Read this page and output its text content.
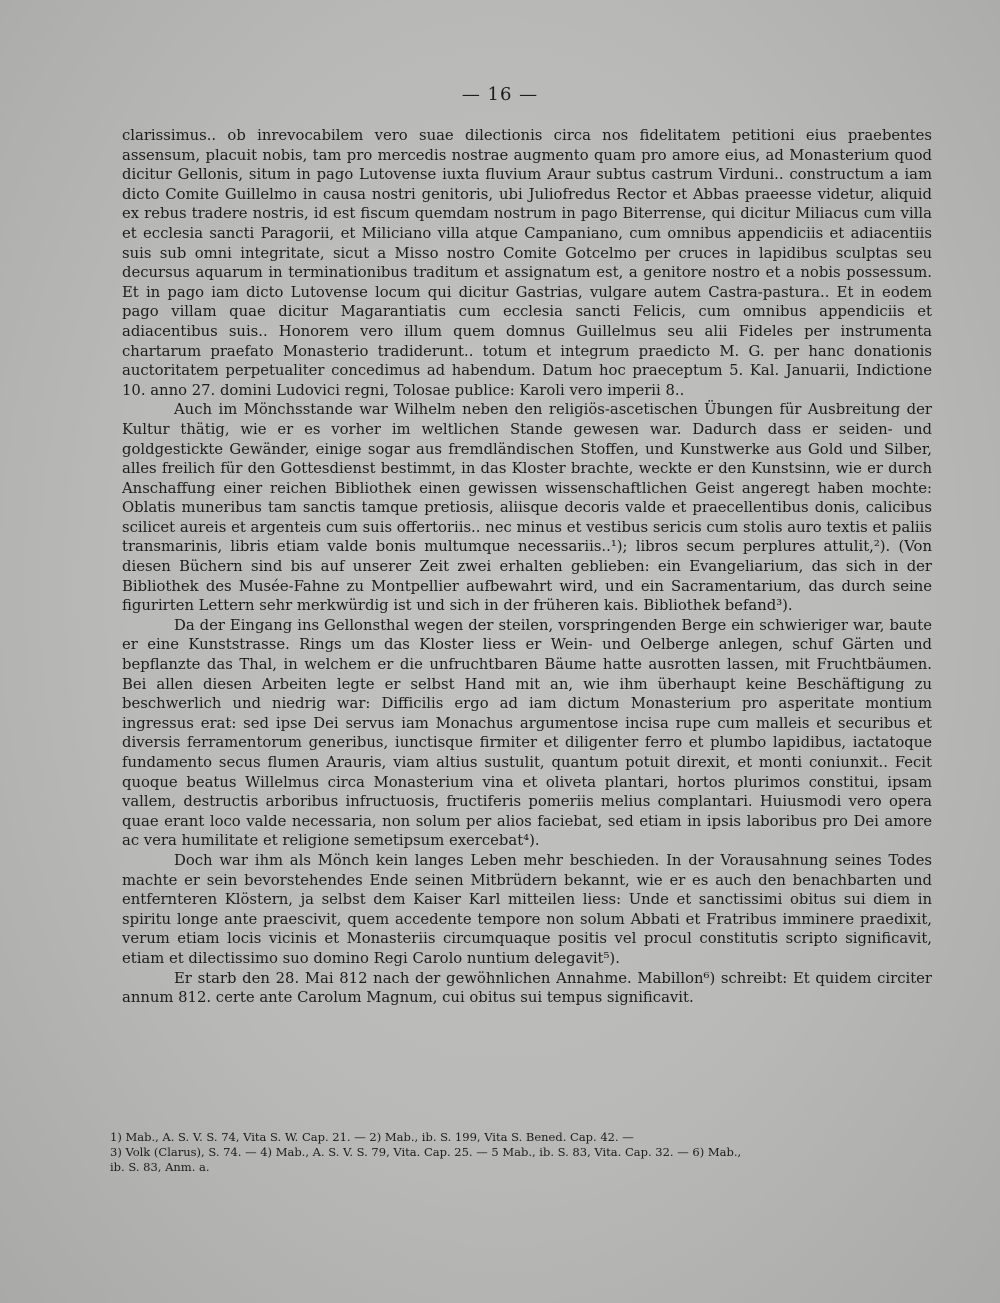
— 16 —

clarissimus.. ob inrevocabilem vero suae dilectionis circa nos fidelitatem petitioni eius praebentes assensum, placuit nobis, tam pro mercedis nostrae augmento quam pro amore eius, ad Monasterium quod dicitur Gellonis, situm in pago Lutovense iuxta fluvium Araur subtus castrum Virduni.. constructum a iam dicto Comite Guillelmo in causa nostri genitoris, ubi Juliofredus Rector et Abbas praeesse videtur, aliquid ex rebus tradere nostris, id est fiscum quemdam nostrum in pago Biterrense, qui dicitur Miliacus cum villa et ecclesia sancti Paragorii, et Miliciano villa atque Campaniano, cum omnibus appendiciis et adiacentiis suis sub omni integritate, sicut a Misso nostro Comite Gotcelmo per cruces in lapidibus sculptas seu decursus aquarum in terminationibus traditum et assignatum est, a genitore nostro et a nobis possessum. Et in pago iam dicto Lutovense locum qui dicitur Gastrias, vulgare autem Castra-pastura.. Et in eodem pago villam quae dicitur Magarantiatis cum ecclesia sancti Felicis, cum omnibus appendiciis et adiacentibus suis.. Honorem vero illum quem domnus Guillelmus seu alii Fideles per instrumenta chartarum praefato Monasterio tradiderunt.. totum et integrum praedicto M. G. per hanc donationis auctoritatem perpetualiter concedimus ad habendum. Datum hoc praeceptum 5. Kal. Januarii, Indictione 10. anno 27. domini Ludovici regni, Tolosae publice: Karoli vero imperii 8..

Auch im Mönchsstande war Wilhelm neben den religiös-ascetischen Übungen für Ausbreitung der Kultur thätig, wie er es vorher im weltlichen Stande gewesen war. Dadurch dass er seiden- und goldgestickte Gewänder, einige sogar aus fremdländischen Stoffen, und Kunstwerke aus Gold und Silber, alles freilich für den Gottesdienst bestimmt, in das Kloster brachte, weckte er den Kunstsinn, wie er durch Anschaffung einer reichen Bibliothek einen gewissen wissenschaftlichen Geist angeregt haben mochte: Oblatis muneribus tam sanctis tamque pretiosis, aliisque decoris valde et praecellentibus donis, calicibus scilicet aureis et argenteis cum suis offertoriis.. nec minus et vestibus sericis cum stolis auro textis et paliis transmarinis, libris etiam valde bonis multumque necessariis..¹); libros secum perplures attulit,²). (Von diesen Büchern sind bis auf unserer Zeit zwei erhalten geblieben: ein Evangeliarium, das sich in der Bibliothek des Musée-Fahne zu Montpellier aufbewahrt wird, und ein Sacramentarium, das durch seine figurirten Lettern sehr merkwürdig ist und sich in der früheren kais. Bibliothek befand³).

Da der Eingang ins Gellonsthal wegen der steilen, vorspringenden Berge ein schwieriger war, baute er eine Kunststrasse. Rings um das Kloster liess er Wein- und Oelberge anlegen, schuf Gärten und bepflanzte das Thal, in welchem er die unfruchtbaren Bäume hatte ausrotten lassen, mit Fruchtbäumen. Bei allen diesen Arbeiten legte er selbst Hand mit an, wie ihm überhaupt keine Beschäftigung zu beschwerlich und niedrig war: Difficilis ergo ad iam dictum Monasterium pro asperitate montium ingressus erat: sed ipse Dei servus iam Monachus argumentose incisa rupe cum malleis et securibus et diversis ferramentorum generibus, iunctisque firmiter et diligenter ferro et plumbo lapidibus, iactatoque fundamento secus flumen Arauris, viam altius sustulit, quantum potuit direxit, et monti coniunxit.. Fecit quoque beatus Willelmus circa Monasterium vina et oliveta plantari, hortos plurimos constitui, ipsam vallem, destructis arboribus infructuosis, fructiferis pomeriis melius complantari. Huiusmodi vero opera quae erant loco valde necessaria, non solum per alios faciebat, sed etiam in ipsis laboribus pro Dei amore ac vera humilitate et religione semetipsum exercebat⁴).

Doch war ihm als Mönch kein langes Leben mehr beschieden. In der Vorausahnung seines Todes machte er sein bevorstehendes Ende seinen Mitbrüdern bekannt, wie er es auch den benachbarten und entfernteren Klöstern, ja selbst dem Kaiser Karl mitteilen liess: Unde et sanctissimi obitus sui diem in spiritu longe ante praescivit, quem accedente tempore non solum Abbati et Fratribus imminere praedixit, verum etiam locis vicinis et Monasteriis circumquaque positis vel procul constitutis scripto significavit, etiam et dilectissimo suo domino Regi Carolo nuntium delegavit⁵).

Er starb den 28. Mai 812 nach der gewöhnlichen Annahme. Mabillon⁶) schreibt: Et quidem circiter annum 812. certe ante Carolum Magnum, cui obitus sui tempus significavit.

1) Mab., A. S. V. S. 74, Vita S. W. Cap. 21. — 2) Mab., ib. S. 199, Vita S. Bened. Cap. 42. —

3) Volk (Clarus), S. 74. — 4) Mab., A. S. V. S. 79, Vita. Cap. 25. — 5 Mab., ib. S. 83, Vita. Cap. 32. — 6) Mab.,

ib. S. 83, Anm. a.
